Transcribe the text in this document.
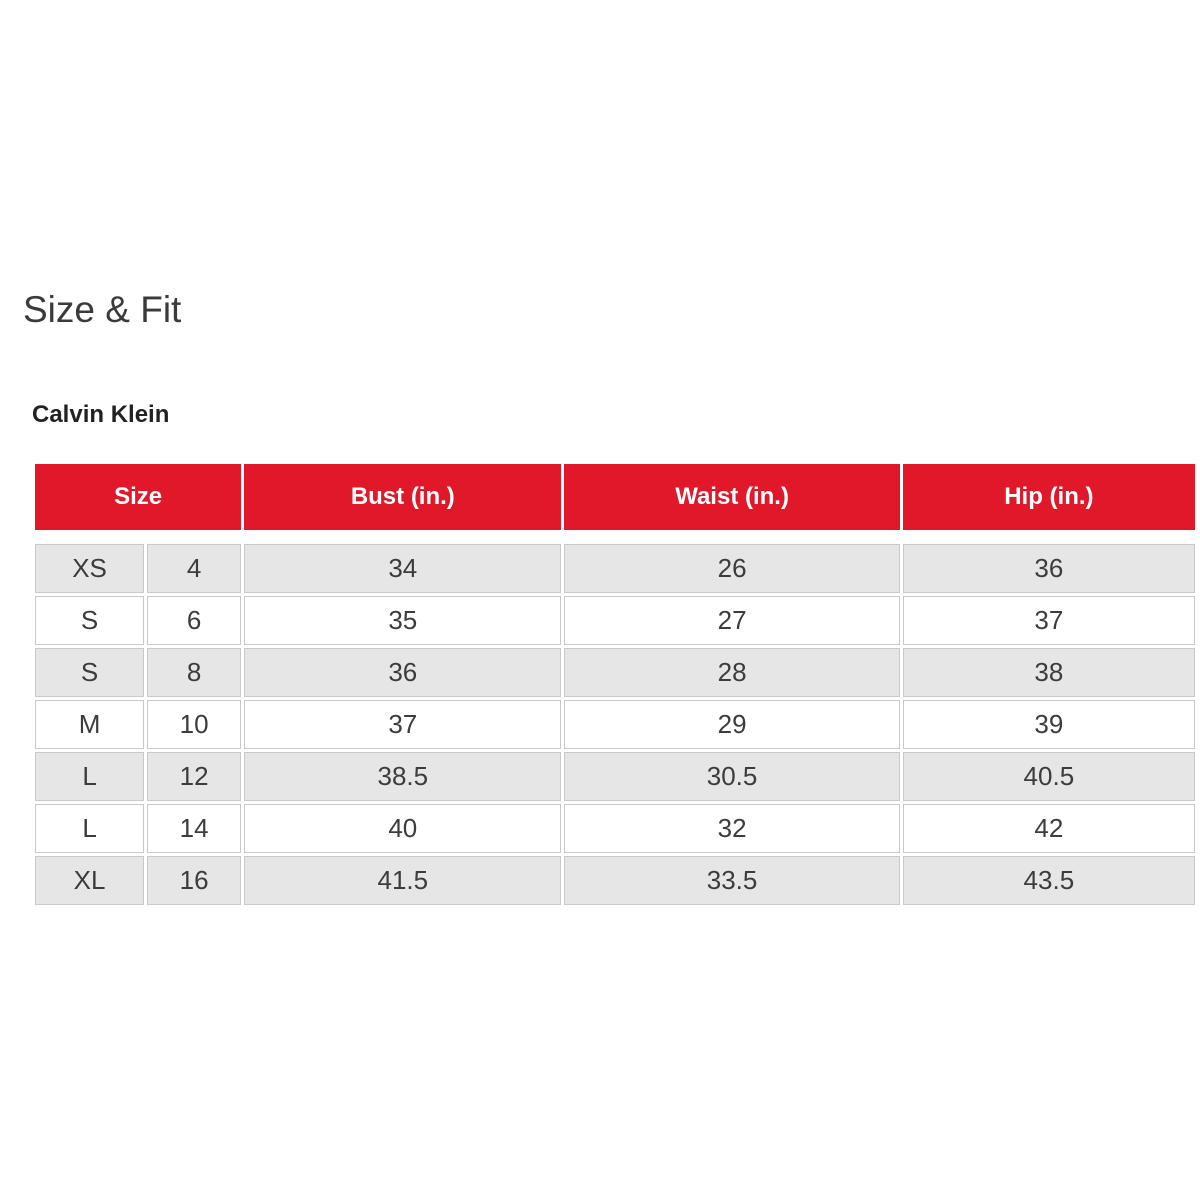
Size & Fit
Calvin Klein
Size		Bust (in.)	Waist (in.)	Hip (in.)

XS	4	34	26	36
S	6	35	27	37
S	8	36	28	38
M	10	37	29	39
L	12	38.5	30.5	40.5
L	14	40	32	42
XL	16	41.5	33.5	43.5
